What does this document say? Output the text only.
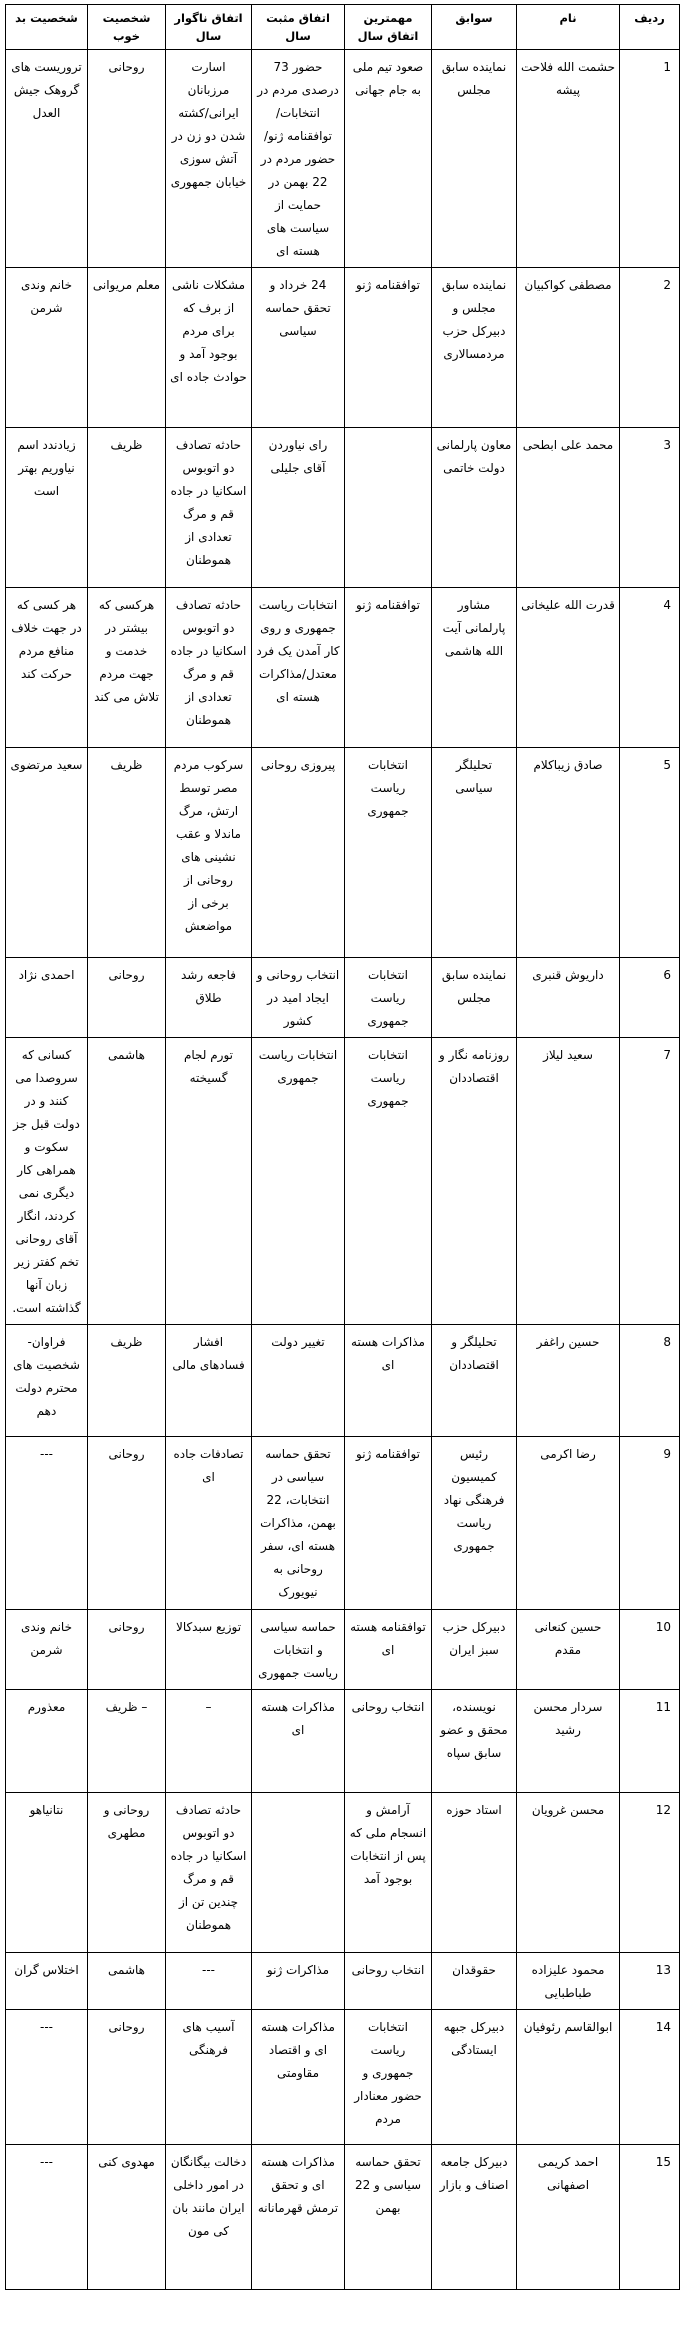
ردیف	نام	سوابق	مهمترین اتفاق سال	اتفاق مثبت سال	اتفاق ناگوار سال	شخصیت خوب	شخصیت بد
1	حشمت الله فلاحت پیشه	نماینده سابق مجلس	صعود تیم ملی به جام جهانی	حضور 73 درصدی مردم در انتخابات/توافقنامه ژنو/حضور مردم در 22 بهمن در حمایت از سیاست های هسته ای	اسارت مرزبانان ایرانی/کشته شدن دو زن در آتش سوزی خیابان جمهوری	روحانی	تروریست های گروهک جیش العدل
2	مصطفی کواکبیان	نماینده سابق مجلس و دبیرکل حزب مردمسالاری	توافقنامه ژنو	24 خرداد و تحقق حماسه سیاسی	مشکلات ناشی از برف که برای مردم بوجود آمد و حوادث جاده ای	معلم مریوانی	خانم وندی شرمن
3	محمد علی ابطحی	معاون پارلمانی دولت خاتمی		رای نیاوردن آقای جلیلی	حادثه تصادف دو اتوبوس اسکانیا در جاده قم و مرگ تعدادی از هموطنان	ظریف	زیادندد اسم نیاوریم بهتر است
4	قدرت الله علیخانی	مشاور پارلمانی آیت الله هاشمی	توافقنامه ژنو	انتخابات ریاست جمهوری و روی کار آمدن یک فرد معتدل/مذاکرات هسته ای	حادثه تصادف دو اتوبوس اسکانیا در جاده قم و مرگ تعدادی از هموطنان	هرکسی که بیشتر در خدمت و جهت مردم تلاش می کند	هر کسی که در جهت خلاف منافع مردم حرکت کند
5	صادق زیباکلام	تحلیلگر سیاسی	انتخابات ریاست جمهوری	پیروزی روحانی	سرکوب مردم مصر توسط ارتش، مرگ ماندلا و عقب نشینی های روحانی از برخی از مواضعش	ظریف	سعید مرتضوی
6	داریوش قنبری	نماینده سابق مجلس	انتخابات ریاست جمهوری	انتخاب روحانی و ایجاد امید در کشور	فاجعه رشد طلاق	روحانی	احمدی نژاد
7	سعید لیلاز	روزنامه نگار و اقتصاددان	انتخابات ریاست جمهوری	انتخابات ریاست جمهوری	تورم لجام گسیخته	هاشمی	کسانی که سروصدا می کنند و در دولت قبل جز سکوت و همراهی کار دیگری نمی کردند، انگار آقای روحانی تخم کفتر زیر زبان آنها گذاشته است.
8	حسین راغفر	تحلیلگر و اقتصاددان	مذاکرات هسته ای	تغییر دولت	افشار فسادهای مالی	ظریف	فراوان- شخصیت های محترم دولت دهم
9	رضا اکرمی	رئیس کمیسیون فرهنگی نهاد ریاست جمهوری	توافقنامه ژنو	تحقق حماسه سیاسی در انتخابات، 22 بهمن، مذاکرات هسته ای، سفر روحانی به نیویورک	تصادفات جاده ای	روحانی	---
10	حسین کنعانی مقدم	دبیرکل حزب سبز ایران	توافقنامه هسته ای	حماسه سیاسی و انتخابات ریاست جمهوری	توزیع سبدکالا	روحانی	خانم وندی شرمن
11	سردار محسن رشید	نویسنده، محقق و عضو سابق سپاه	انتخاب روحانی	مذاکرات هسته ای	–	– ظریف	معذورم
12	محسن غرویان	استاد حوزه	آرامش و انسجام ملی که پس از انتخابات بوجود آمد		حادثه تصادف دو اتوبوس اسکانیا در جاده قم و مرگ چندین تن از هموطنان	روحانی و مطهری	نتانیاهو
13	محمود علیزاده طباطبایی	حقوقدان	انتخاب روحانی	مذاکرات ژنو	---	هاشمی	اختلاس گران
14	ابوالقاسم رئوفیان	دبیرکل جبهه ایستادگی	انتخابات ریاست جمهوری و حضور معنادار مردم	مذاکرات هسته ای و اقتصاد مقاومتی	آسیب های فرهنگی	روحانی	---
15	احمد کریمی اصفهانی	دبیرکل جامعه اصناف و بازار	تحقق حماسه سیاسی و 22 بهمن	مذاکرات هسته ای و تحقق ترمش قهرمانانه	دخالت بیگانگان در امور داخلی ایران مانند بان کی مون	مهدوی کنی	---
